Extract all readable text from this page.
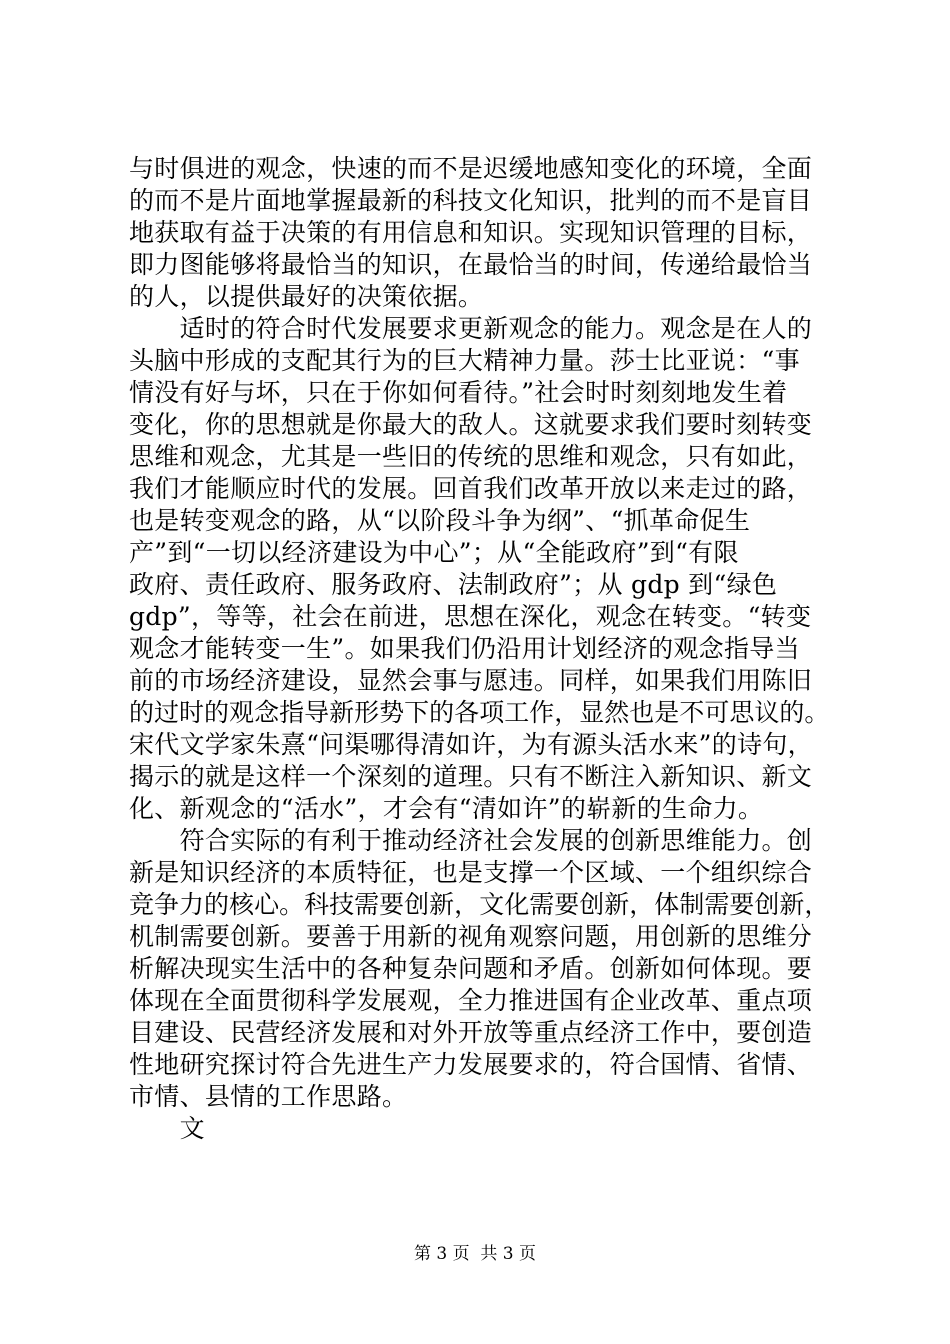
与时俱进的观念，快速的而不是迟缓地感知变化的环境，全面
的而不是片面地掌握最新的科技文化知识，批判的而不是盲目
地获取有益于决策的有用信息和知识。实现知识管理的目标，
即力图能够将最恰当的知识，在最恰当的时间，传递给最恰当
的人，以提供最好的决策依据。
　　适时的符合时代发展要求更新观念的能力。观念是在人的
头脑中形成的支配其行为的巨大精神力量。莎士比亚说：“事
情没有好与坏，只在于你如何看待。”社会时时刻刻地发生着
变化，你的思想就是你最大的敌人。这就要求我们要时刻转变
思维和观念，尤其是一些旧的传统的思维和观念，只有如此，
我们才能顺应时代的发展。回首我们改革开放以来走过的路，
也是转变观念的路，从“以阶段斗争为纲”、“抓革命促生
产”到“一切以经济建设为中心”；从“全能政府”到“有限
政府、责任政府、服务政府、法制政府”；从 gdp 到“绿色
gdp”，等等，社会在前进，思想在深化，观念在转变。“转变
观念才能转变一生”。如果我们仍沿用计划经济的观念指导当
前的市场经济建设，显然会事与愿违。同样，如果我们用陈旧
的过时的观念指导新形势下的各项工作，显然也是不可思议的。
宋代文学家朱熹“问渠哪得清如许，为有源头活水来”的诗句，
揭示的就是这样一个深刻的道理。只有不断注入新知识、新文
化、新观念的“活水”，才会有“清如许”的崭新的生命力。
　　符合实际的有利于推动经济社会发展的创新思维能力。创
新是知识经济的本质特征，也是支撑一个区域、一个组织综合
竞争力的核心。科技需要创新，文化需要创新，体制需要创新，
机制需要创新。要善于用新的视角观察问题，用创新的思维分
析解决现实生活中的各种复杂问题和矛盾。创新如何体现。要
体现在全面贯彻科学发展观，全力推进国有企业改革、重点项
目建设、民营经济发展和对外开放等重点经济工作中，要创造
性地研究探讨符合先进生产力发展要求的，符合国情、省情、
市情、县情的工作思路。
　　文
第 3 页  共 3 页
